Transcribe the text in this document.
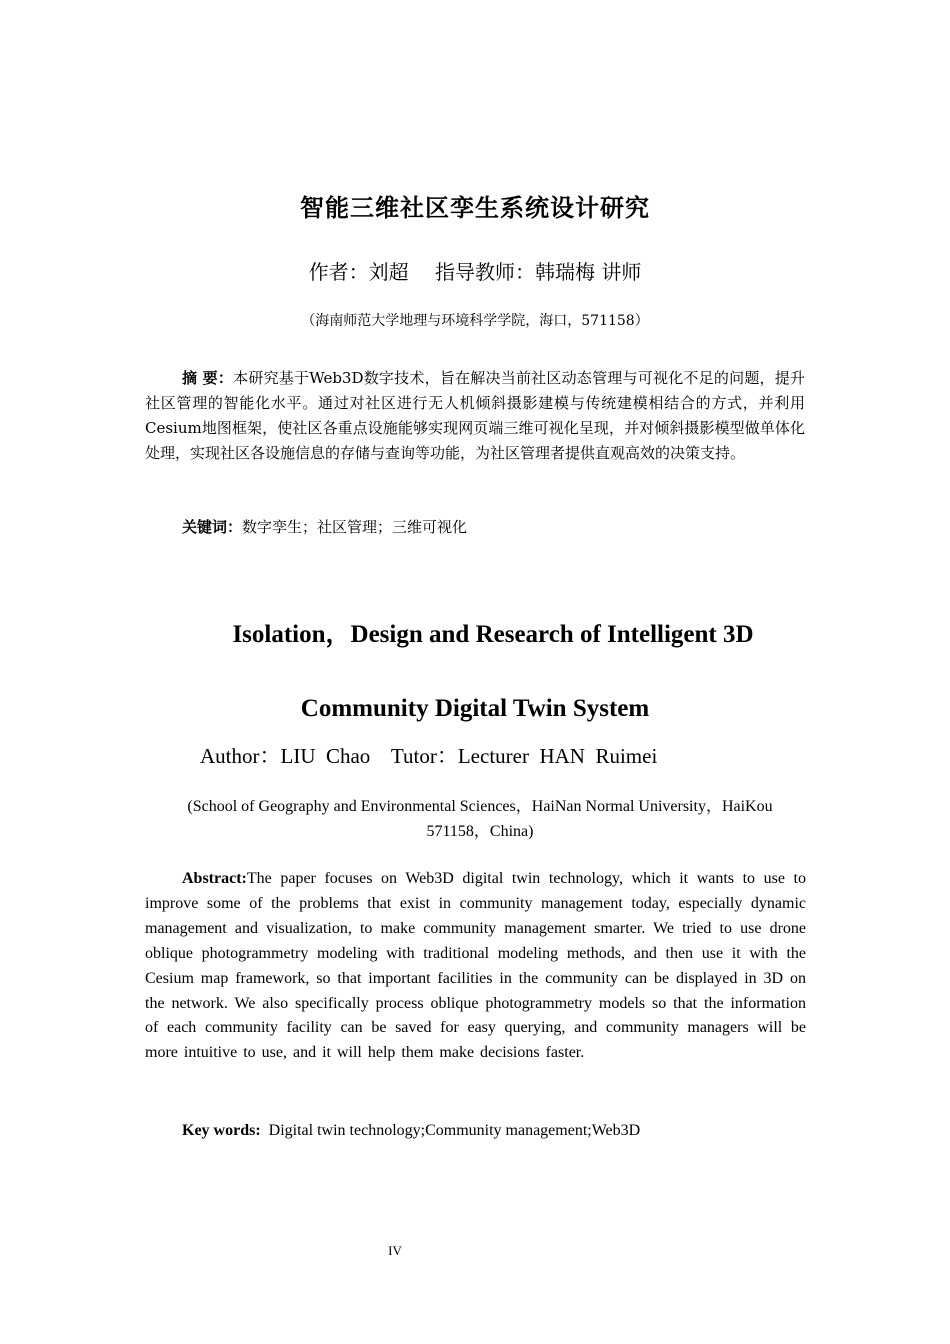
智能三维社区孪生系统设计研究
作者：刘超　 指导教师：韩瑞梅 讲师
（海南师范大学地理与环境科学学院，海口，571158）

摘 要：本研究基于Web3D数字技术，旨在解决当前社区动态管理与可视化不足的问题，提升社区管理的智能化水平。通过对社区进行无人机倾斜摄影建模与传统建模相结合的方式，并利用Cesium地图框架，使社区各重点设施能够实现网页端三维可视化呈现，并对倾斜摄影模型做单体化处理，实现社区各设施信息的存储与查询等功能，为社区管理者提供直观高效的决策支持。

关键词：数字孪生；社区管理；三维可视化

Isolation，Design and Research of Intelligent 3D
Community Digital Twin System

Author：LIU  Chao    Tutor：Lecturer  HAN  Ruimei

(School of Geography and Environmental Sciences，HaiNan Normal University，HaiKou
571158，China)

Abstract:The paper focuses on Web3D digital twin technology, which it wants to use to improve some of the problems that exist in community management today, especially dynamic management and visualization, to make community management smarter. We tried to use drone oblique photogrammetry modeling with traditional modeling methods, and then use it with the Cesium map framework, so that important facilities in the community can be displayed in 3D on the network. We also specifically process oblique photogrammetry models so that the information of each community facility can be saved for easy querying, and community managers will be more intuitive to use, and it will help them make decisions faster.

Key words: Digital twin technology;Community management;Web3D
IV
